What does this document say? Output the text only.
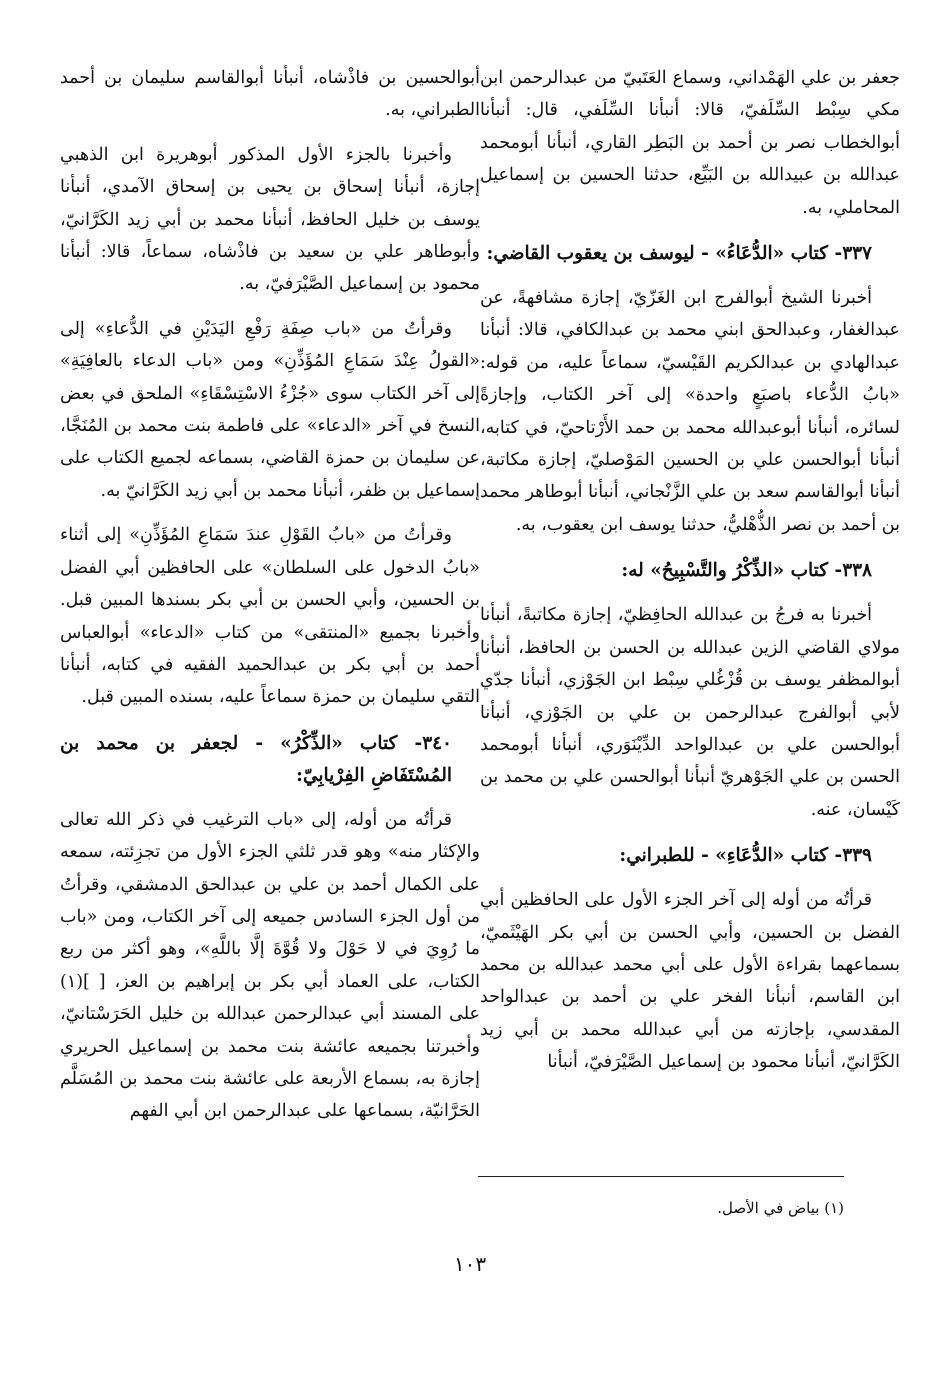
جعفر بن علي الهَمْداني، وسماع العَتَبيّ من عبدالرحمن ابن مكي سِبْط السِّلَفيّ، قالا: أنبأنا السِّلَفي، قال: أنبأنا أبوالخطاب نصر بن أحمد بن البَطِر القاري، أنبأنا أبومحمد عبدالله بن عبيدالله بن البَيِّع، حدثنا الحسين بن إسماعيل المحاملي، به.

٣٣٧- كتاب «الدُّعَاءُ» - ليوسف بن يعقوب القاضي:

أخبرنا الشيخ أبوالفرج ابن الغَزّيّ، إجازة مشافهةً، عن عبدالغفار، وعبدالحق ابني محمد بن عبدالكافي، قالا: أنبأنا عبدالهادي بن عبدالكريم القَيْسيّ، سماعاً عليه، من قوله: «بابُ الدُّعاء باصبَعٍ واحدة» إلى آخر الكتاب، وإجازةً لسائره، أنبأنا أبوعبدالله محمد بن حمد الأَرْتاحيّ، في كتابه، أنبأنا أبوالحسن علي بن الحسين المَوْصليّ، إجازة مكاتبة، أنبأنا أبوالقاسم سعد بن علي الزَّنْجاني، أنبأنا أبوطاهر محمد بن أحمد بن نصر الذُّهْليُّ، حدثنا يوسف ابن يعقوب، به.

٣٣٨- كتاب «الذِّكْرُ والتَّسْبِيحُ» له:

أخبرنا به فرجُ بن عبدالله الحافِظيّ، إجازة مكاتبةً، أنبأنا مولاي القاضي الزين عبدالله بن الحسن بن الحافظ، أنبأنا أبوالمظفر يوسف بن قُزْغُلي سِبْط ابن الجَوْزي، أنبأنا جدّي لأبي أبوالفرج عبدالرحمن بن علي بن الجَوْزي، أنبأنا أبوالحسن علي بن عبدالواحد الدِّيْنَوَري، أنبأنا أبومحمد الحسن بن علي الجَوْهريّ أنبأنا أبوالحسن علي بن محمد بن كَيْسان، عنه.

٣٣٩- كتاب «الدُّعَاءِ» - للطبراني:

قرأتُه من أوله إلى آخر الجزء الأول على الحافظين أبي الفضل بن الحسين، وأبي الحسن بن أبي بكر الهَيْثَميّ، بسماعهما بقراءة الأول على أبي محمد عبدالله بن محمد ابن القاسم، أنبأنا الفخر علي بن أحمد بن عبدالواحد المقدسي، بإجازته من أبي عبدالله محمد بن أبي زيد الكَرَّانيّ، أنبأنا محمود بن إسماعيل الصَّيْرَفيّ، أنبأنا

أبوالحسين بن فاذْشاه، أنبأنا أبوالقاسم سليمان بن أحمد الطبراني، به.

وأخبرنا بالجزء الأول المذكور أبوهريرة ابن الذهبي إجازة، أنبأنا إسحاق بن يحيى بن إسحاق الآمدي، أنبأنا يوسف بن خليل الحافظ، أنبأنا محمد بن أبي زيد الكَرَّانيّ، وأبوطاهر علي بن سعيد بن فاذْشاه، سماعاً، قالا: أنبأنا محمود بن إسماعيل الصَّيْرَفيّ، به.

وقرأتُ من «باب صِفَةِ رَفْعِ اليَدَيْنِ في الدُّعاءِ» إلى «القولُ عِنْدَ سَمَاعِ المُؤَذِّنِ» ومن «باب الدعاء بالعافِيَةِ» إلى آخر الكتاب سوى «جُزْءُ الاسْتِسْقَاءِ» الملحق في بعض النسخ في آخر «الدعاء» على فاطمة بنت محمد بن المُنَجَّا، عن سليمان بن حمزة القاضي، بسماعه لجميع الكتاب على إسماعيل بن ظفر، أنبأنا محمد بن أبي زيد الكَرَّانيّ به.

وقرأتُ من «بابُ القَوْلِ عندَ سَمَاعِ المُؤَذِّنِ» إلى أثناء «بابُ الدخول على السلطان» على الحافظين أبي الفضل بن الحسين، وأبي الحسن بن أبي بكر بسندها المبين قبل. وأخبرنا بجميع «المنتقى» من كتاب «الدعاء» أبوالعباس أحمد بن أبي بكر بن عبدالحميد الفقيه في كتابه، أنبأنا التقي سليمان بن حمزة سماعاً عليه، بسنده المبين قبل.

٣٤٠- كتاب «الذِّكْرُ» - لجعفر بن محمد بن المُسْتَفَاضِ الفِرْيابِيّ:

قرأتُه من أوله، إلى «باب الترغيب في ذكر الله تعالى والإكثار منه» وهو قدر ثلثي الجزء الأول من تجزِئته، سمعه على الكمال أحمد بن علي بن عبدالحق الدمشقي، وقرأتُ من أول الجزء السادس جميعه إلى آخر الكتاب، ومن «باب ما رُوِيَ في لا حَوْلَ ولا قُوَّةَ إلَّا باللَّهِ»، وهو أكثر من ربع الكتاب، على العماد أبي بكر بن إبراهيم بن العز، [ ](١) على المسند أبي عبدالرحمن عبدالله بن خليل الحَرَسْتانيّ، وأخبرتنا بجميعه عائشة بنت محمد بن إسماعيل الحريري إجازة به، بسماع الأربعة على عائشة بنت محمد بن المُسَلَّم الحَرَّانيّة، بسماعها على عبدالرحمن ابن أبي الفهم

(١) بياض في الأصل.
١٠٣
